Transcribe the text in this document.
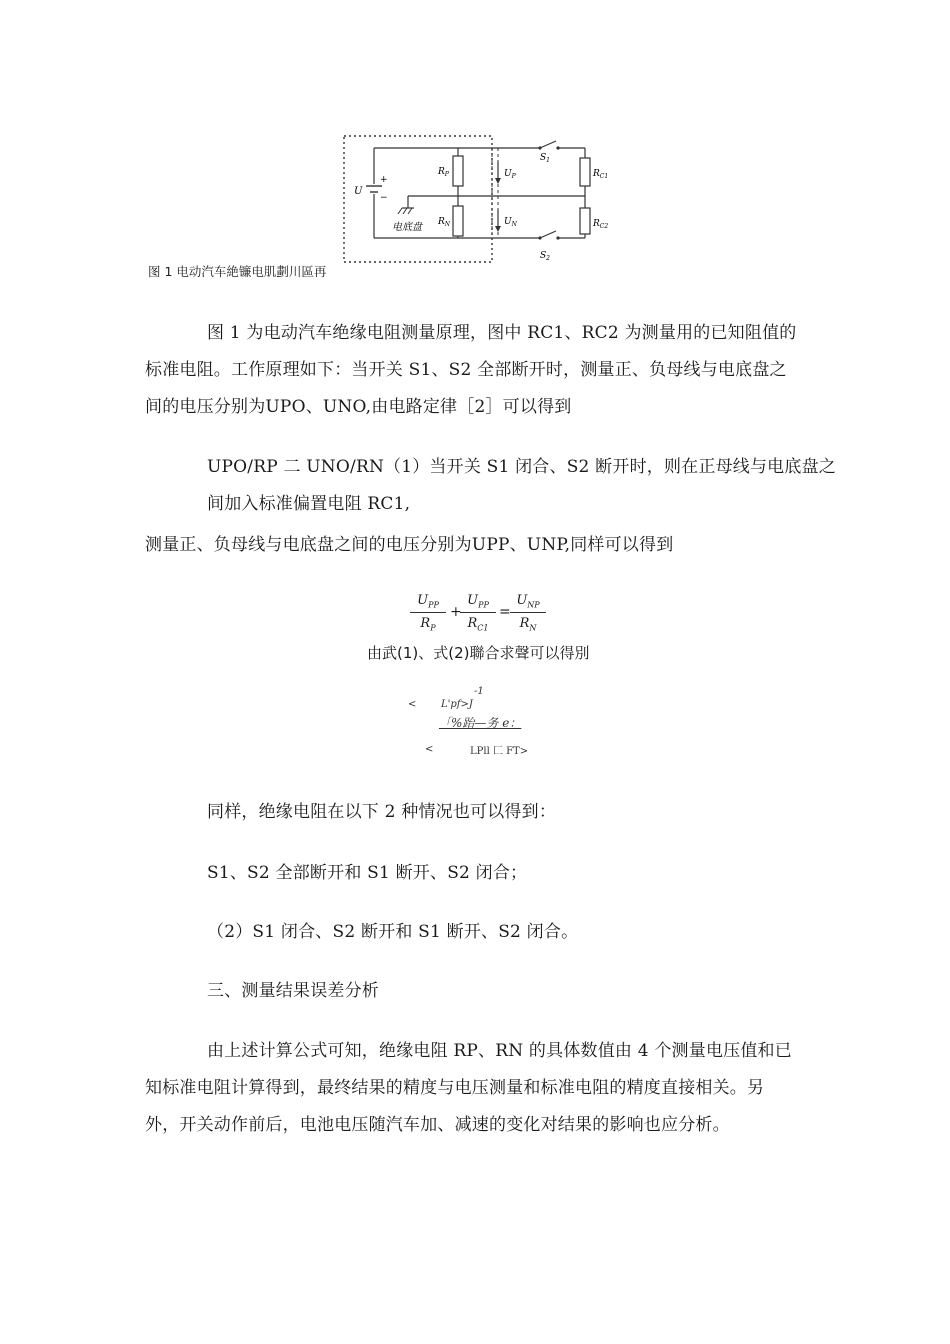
+
−
U
$R_P$
$R_N$
电底盘
$U_P$
$U_N$
$S_1$
$S_2$
$R_{C1}$
$R_{C2}$
图 1 电动汽车絶镰电肌劃川區再
图 1 为电动汽车绝缘电阻测量原理，图中 RC1、RC2 为测量用的已知阻值的
标准电阻。工作原理如下：当开关 S1、S2 全部断开时，测量正、负母线与电底盘之
间的电压分别为UPO、UNO,由电路定律［2］可以得到
UPO/RP 二 UNO/RN（1）当开关 S1 闭合、S2 断开时，则在正母线与电底盘之
间加入标准偏置电阻 RC1,
测量正、负母线与电底盘之间的电压分别为UPP、UNP,同样可以得到
$U_{PP}$
$R_P$
+
$U_{PP}$
$R_{C1}$
=
$U_{NP}$
$R_N$
由武(1)、式(2)聯合求聲可以得別
-1
< L'pf>J
「%跆—务 e：
<	LPll 匚 FT>
同样，绝缘电阻在以下 2 种情况也可以得到：
S1、S2 全部断开和 S1 断开、S2 闭合；
（2）S1 闭合、S2 断开和 S1 断开、S2 闭合。
三、测量结果误差分析
由上述计算公式可知，绝缘电阻 RP、RN 的具体数值由 4 个测量电压值和已
知标准电阻计算得到，最终结果的精度与电压测量和标准电阻的精度直接相关。另
外，开关动作前后，电池电压随汽车加、减速的变化对结果的影响也应分析。
